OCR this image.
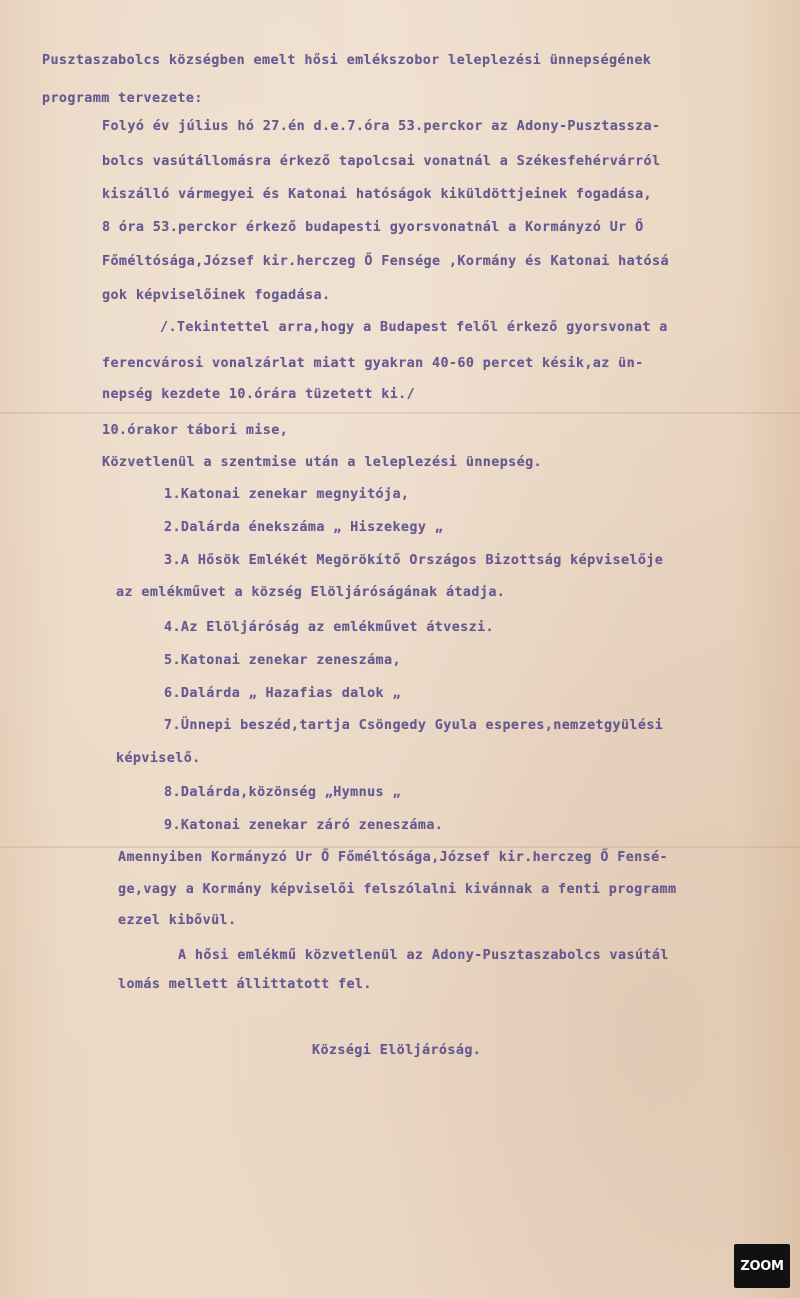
Pusztaszabolcs községben emelt hősi emlékszobor leleplezési ünnepségének
programm tervezete:
Folyó év július hó 27.én d.e.7.óra 53.perckor az Adony-Pusztassza-
bolcs vasútállomásra érkező tapolcsai vonatnál a Székesfehérvárról
kiszálló vármegyei és Katonai hatóságok kiküldöttjeinek fogadása,
8 óra 53.perckor érkező budapesti gyorsvonatnál a Kormányzó Ur Ő
Főméltósága,József kir.herczeg Ő Fensége ,Kormány és Katonai hatósá
gok képviselőinek fogadása.
/.Tekintettel arra,hogy a Budapest felől érkező gyorsvonat a
ferencvárosi vonalzárlat miatt gyakran 40-60 percet késik,az ün-
nepség kezdete 10.órára tüzetett ki./
10.órakor tábori mise,
Közvetlenül a szentmise után a leleplezési ünnepség.
1.Katonai zenekar megnyitója,
2.Dalárda énekszáma „ Hiszekegy „
3.A Hősök Emlékét Megörökítő Országos Bizottság képviselője
az emlékművet a község Elöljáróságának átadja.
4.Az Elöljáróság az emlékművet átveszi.
5.Katonai zenekar zeneszáma,
6.Dalárda „ Hazafias dalok „
7.Ünnepi beszéd,tartja Csöngedy Gyula esperes,nemzetgyülési
képviselő.
8.Dalárda,közönség „Hymnus „
9.Katonai zenekar záró zeneszáma.
Amennyiben Kormányzó Ur Ő Főméltósága,József kir.herczeg Ő Fensé-
ge,vagy a Kormány képviselői felszólalni kivánnak a fenti programm
ezzel kibővül.
A hősi emlékmű közvetlenül az Adony-Pusztaszabolcs vasútál
lomás mellett állittatott fel.
Községi Elöljáróság.
ZOOM
